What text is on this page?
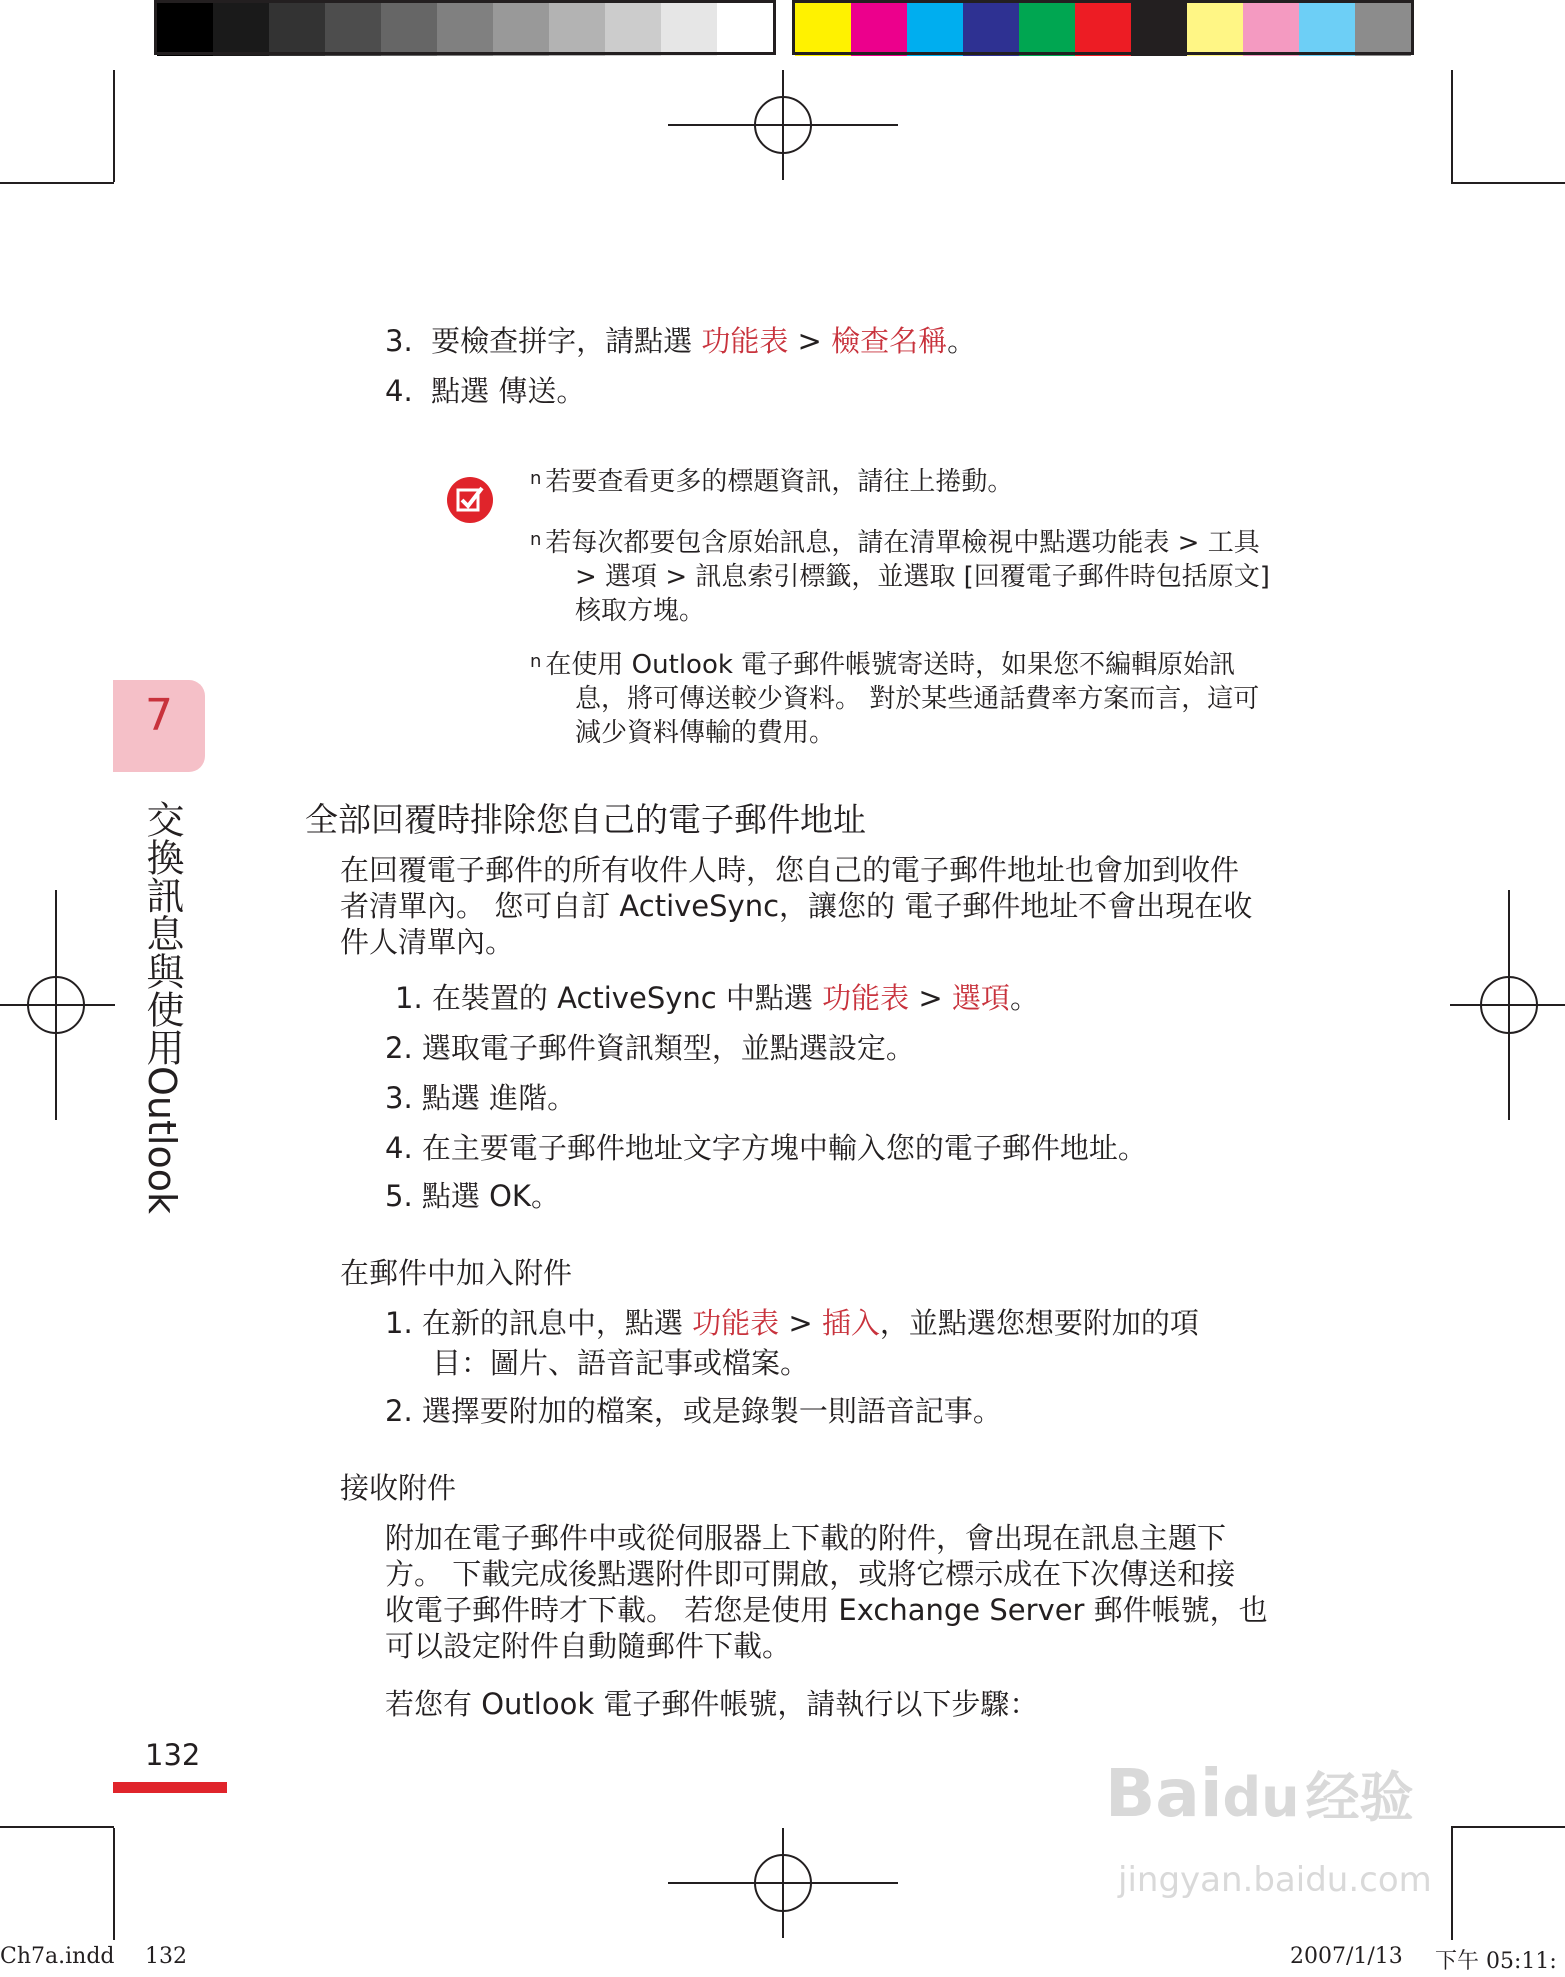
3. 要檢查拼字，請點選 功能表 > 檢查名稱。
4. 點選 傳送。
$^n$ 若要查看更多的標題資訊，請往上捲動。
$^n$ 若每次都要包含原始訊息，請在清單檢視中點選功能表 > 工具
> 選項 > 訊息索引標籤，並選取 [回覆電子郵件時包括原文]
核取方塊。
$^n$ 在使用 Outlook 電子郵件帳號寄送時，如果您不編輯原始訊
息，將可傳送較少資料。 對於某些通話費率方案而言，這可
減少資料傳輸的費用。
7
交換訊息與使用Outlook	全部回覆時排除您自己的電子郵件地址
在回覆電子郵件的所有收件人時，您自己的電子郵件地址也會加到收件
者清單內。 您可自訂 ActiveSync，讓您的 電子郵件地址不會出現在收
件人清單內。
1. 在裝置的 ActiveSync 中點選 功能表 > 選項。
2. 選取電子郵件資訊類型，並點選設定。
3. 點選 進階。
4. 在主要電子郵件地址文字方塊中輸入您的電子郵件地址。
5. 點選 OK。
在郵件中加入附件
1. 在新的訊息中，點選 功能表 > 插入，並點選您想要附加的項
目：圖片、語音記事或檔案。
2. 選擇要附加的檔案，或是錄製一則語音記事。
接收附件
附加在電子郵件中或從伺服器上下載的附件，會出現在訊息主題下
方。 下載完成後點選附件即可開啟，或將它標示成在下次傳送和接
收電子郵件時才下載。 若您是使用 Exchange Server 郵件帳號，也
可以設定附件自動隨郵件下載。
若您有 Outlook 電子郵件帳號，請執行以下步驟：
132	Baidu 经验
jingyan.baidu.com
Ch7a.indd 132	2007/1/13 下午 05:11:
